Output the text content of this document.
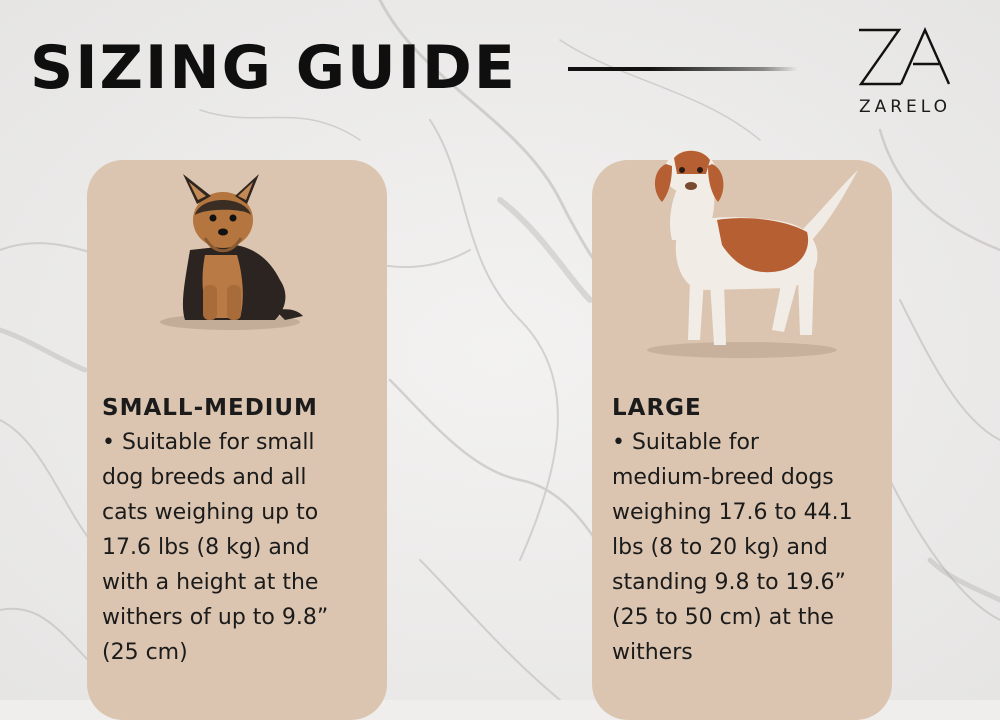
SIZING GUIDE
ZARELO

SMALL-MEDIUM

• Suitable for small
dog breeds and all
cats weighing up to
17.6 lbs (8 kg) and
with a height at the
withers of up to 9.8”
(25 cm)

LARGE

• Suitable for
medium-breed dogs
weighing 17.6 to 44.1
lbs (8 to 20 kg) and
standing 9.8 to 19.6”
(25 to 50 cm) at the
withers
